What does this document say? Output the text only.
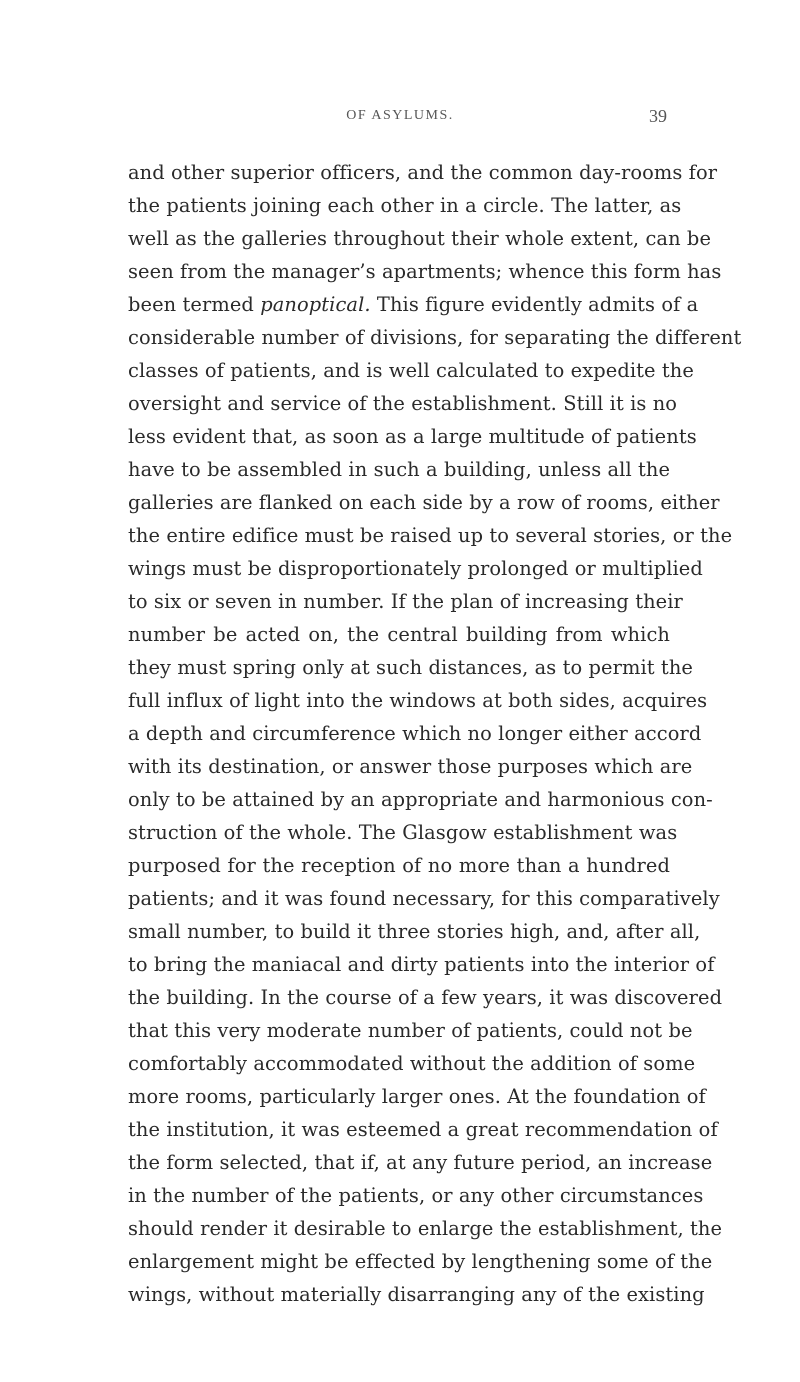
OF ASYLUMS.	39
and other superior officers, and the common day-rooms for
the patients joining each other in a circle. The latter, as
well as the galleries throughout their whole extent, can be
seen from the manager’s apartments; whence this form has
been termed panoptical. This figure evidently admits of a
considerable number of divisions, for separating the different
classes of patients, and is well calculated to expedite the
oversight and service of the establishment. Still it is no
less evident that, as soon as a large multitude of patients
have to be assembled in such a building, unless all the
galleries are flanked on each side by a row of rooms, either
the entire edifice must be raised up to several stories, or the
wings must be disproportionately prolonged or multiplied
to six or seven in number. If the plan of increasing their
number be acted on, the central building from which
they must spring only at such distances, as to permit the
full influx of light into the windows at both sides, acquires
a depth and circumference which no longer either accord
with its destination, or answer those purposes which are
only to be attained by an appropriate and harmonious con-
struction of the whole. The Glasgow establishment was
purposed for the reception of no more than a hundred
patients; and it was found necessary, for this comparatively
small number, to build it three stories high, and, after all,
to bring the maniacal and dirty patients into the interior of
the building. In the course of a few years, it was discovered
that this very moderate number of patients, could not be
comfortably accommodated without the addition of some
more rooms, particularly larger ones. At the foundation of
the institution, it was esteemed a great recommendation of
the form selected, that if, at any future period, an increase
in the number of the patients, or any other circumstances
should render it desirable to enlarge the establishment, the
enlargement might be effected by lengthening some of the
wings, without materially disarranging any of the existing
